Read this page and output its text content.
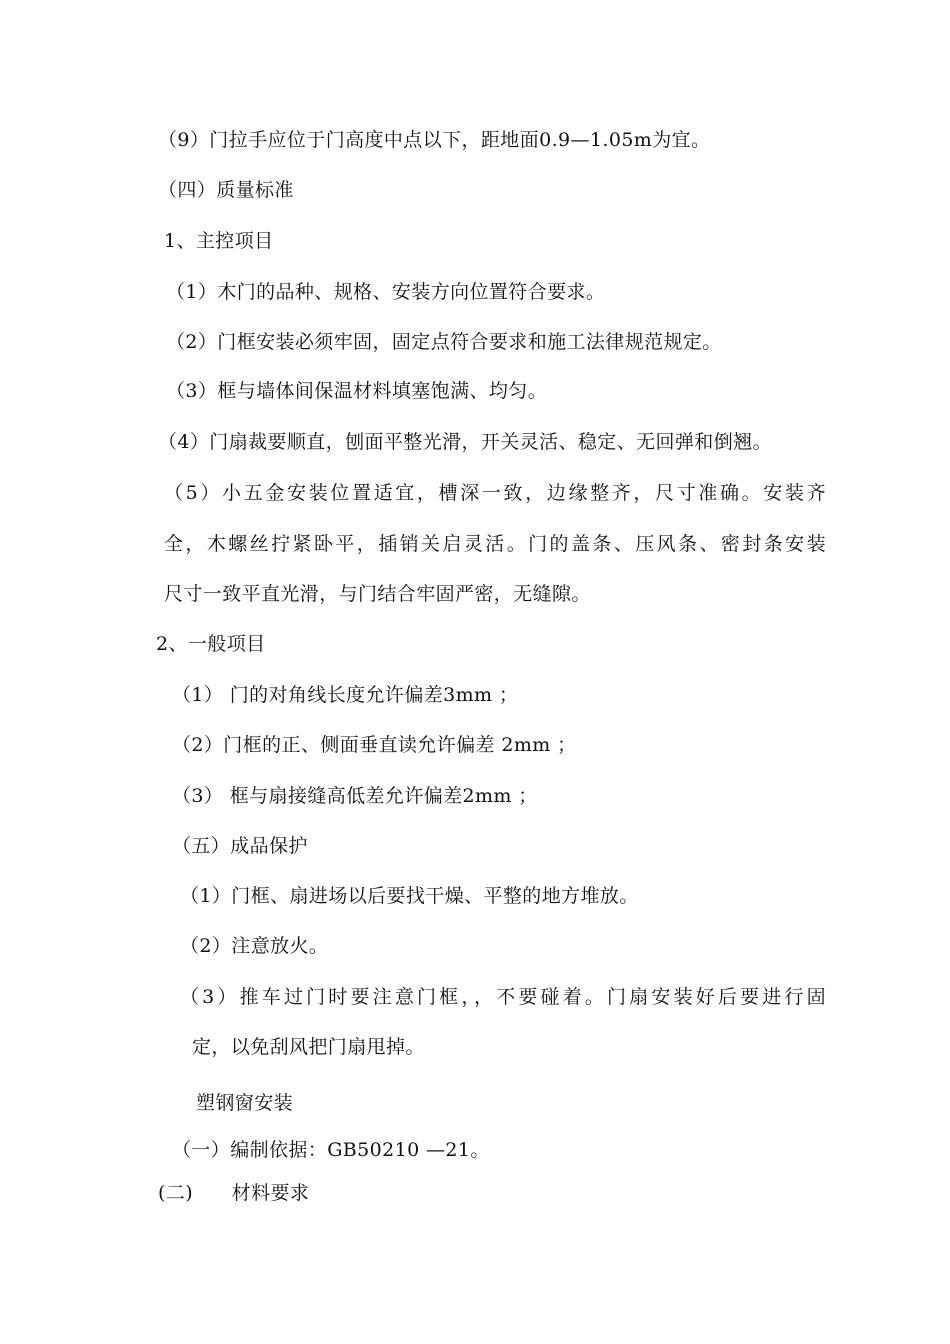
（9）门拉手应位于门高度中点以下，距地面0.9—1.05m为宜。
（四）质量标准
1、主控项目
（1）木门的品种、规格、安装方向位置符合要求。
（2）门框安装必须牢固，固定点符合要求和施工法律规范规定。
（3）框与墙体间保温材料填塞饱满、均匀。
（4）门扇裁要顺直，刨面平整光滑，开关灵活、稳定、无回弹和倒翘。
（5）小五金安装位置适宜，槽深一致，边缘整齐，尺寸准确。安装齐
全，木螺丝拧紧卧平，插销关启灵活。门的盖条、压风条、密封条安装
尺寸一致平直光滑，与门结合牢固严密，无缝隙。
2、一般项目
（1） 门的对角线长度允许偏差3mm ；
（2）门框的正、侧面垂直读允许偏差 2mm ；
（3） 框与扇接缝高低差允许偏差2mm ；
（五）成品保护
（1）门框、扇进场以后要找干燥、平整的地方堆放。
（2）注意放火。
（3）推车过门时要注意门框，，不要碰着。门扇安装好后要进行固
定，以免刮风把门扇甩掉。
塑钢窗安装
（一）编制依据：GB50210 —21。
(二)      材料要求
